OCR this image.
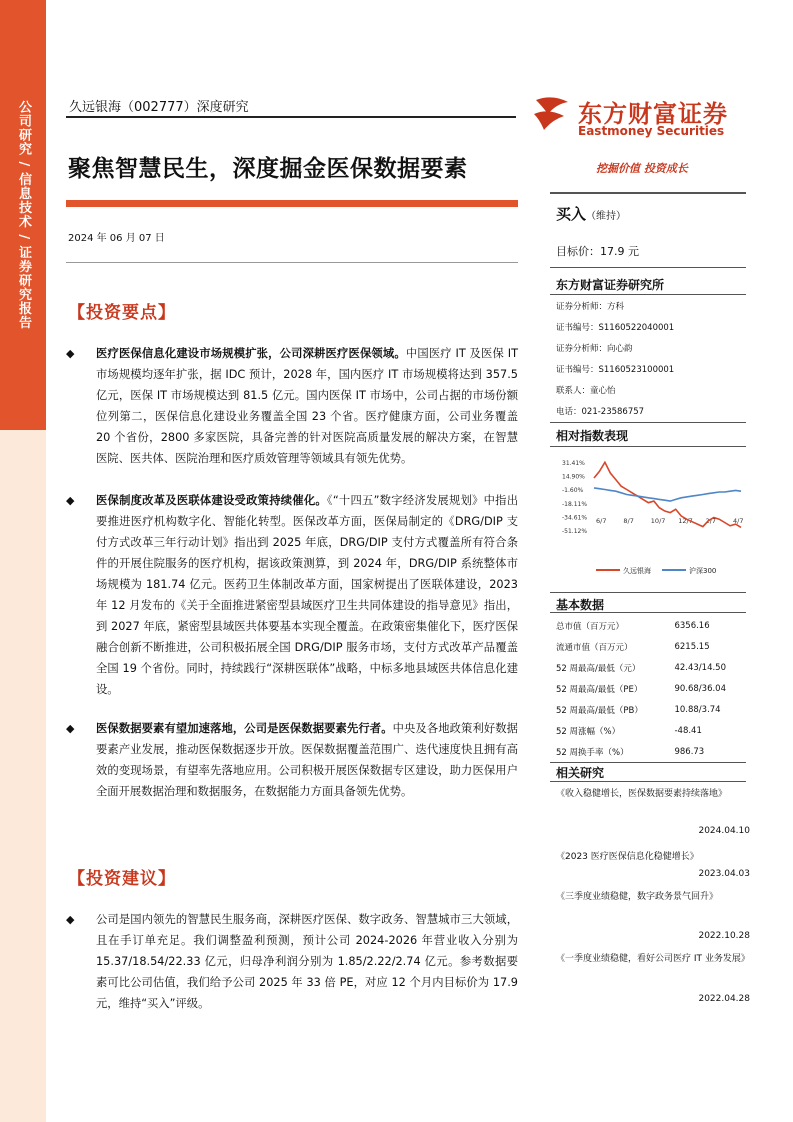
公司研究 / 信息技术 / 证券研究报告	久远银海（002777）深度研究	东方财富证券
Eastmoney Securities
挖掘价值 投资成长
聚焦智慧民生，深度掘金医保数据要素
2024 年 06 月 07 日
【投资要点】
◆ 医疗医保信息化建设市场规模扩张，公司深耕医疗医保领域。中国医疗 IT 及医保 IT 市场规模均逐年扩张，据 IDC 预计，2028 年，国内医疗 IT 市场规模将达到 357.5 亿元，医保 IT 市场规模达到 81.5 亿元。国内医保 IT 市场中，公司占据的市场份额位列第二，医保信息化建设业务覆盖全国 23 个省。医疗健康方面，公司业务覆盖 20 个省份，2800 多家医院，具备完善的针对医院高质量发展的解决方案，在智慧医院、医共体、医院治理和医疗质效管理等领域具有领先优势。
◆ 医保制度改革及医联体建设受政策持续催化。《“十四五”数字经济发展规划》中指出要推进医疗机构数字化、智能化转型。医保改革方面，医保局制定的《DRG/DIP 支付方式改革三年行动计划》指出到 2025 年底，DRG/DIP 支付方式覆盖所有符合条件的开展住院服务的医疗机构，据该政策测算，到 2024 年，DRG/DIP 系统整体市场规模为 181.74 亿元。医药卫生体制改革方面，国家树提出了医联体建设，2023 年 12 月发布的《关于全面推进紧密型县域医疗卫生共同体建设的指导意见》指出，到 2027 年底，紧密型县域医共体要基本实现全覆盖。在政策密集催化下，医疗医保融合创新不断推进，公司积极拓展全国 DRG/DIP 服务市场，支付方式改革产品覆盖全国 19 个省份。同时，持续践行“深耕医联体”战略，中标多地县域医共体信息化建设。
◆ 医保数据要素有望加速落地，公司是医保数据要素先行者。中央及各地政策利好数据要素产业发展，推动医保数据逐步开放。医保数据覆盖范围广、迭代速度快且拥有高效的变现场景，有望率先落地应用。公司积极开展医保数据专区建设，助力医保用户全面开展数据治理和数据服务，在数据能力方面具备领先优势。
【投资建议】
◆ 公司是国内领先的智慧民生服务商，深耕医疗医保、数字政务、智慧城市三大领域，且在手订单充足。我们调整盈利预测，预计公司 2024-2026 年营业收入分别为 15.37/18.54/22.33 亿元，归母净利润分别为 1.85/2.22/2.74 亿元。参考数据要素可比公司估值，我们给予公司 2025 年 33 倍 PE，对应 12 个月内目标价为 17.9 元，维持“买入”评级。
买入（维持）
目标价：17.9 元
东方财富证券研究所
证券分析师：方科
证书编号：S1160522040001
证券分析师：向心韵
证书编号：S1160523100001
联系人：童心怡
电话：021-23586757
相对指数表现
31.41%
14.90%
-1.60%
-18.11%
-34.61%
-51.12%
6/7	8/7	10/7 12/7 2/7	4/7
久远银海	沪深300
基本数据
总市值（百万元）	6356.16
流通市值（百万元）	6215.15
52 周最高/最低（元）	42.43/14.50
52 周最高/最低（PE）	90.68/36.04
52 周最高/最低（PB）	10.88/3.74
52 周涨幅（%）	-48.41
52 周换手率（%）	986.73
相关研究
《收入稳健增长，医保数据要素持续落地》
2024.04.10
《2023 医疗医保信息化稳健增长》
2023.04.03
《三季度业绩稳健，数字政务景气回升》
2022.10.28
《一季度业绩稳健，看好公司医疗 IT 业务发展》
2022.04.28
